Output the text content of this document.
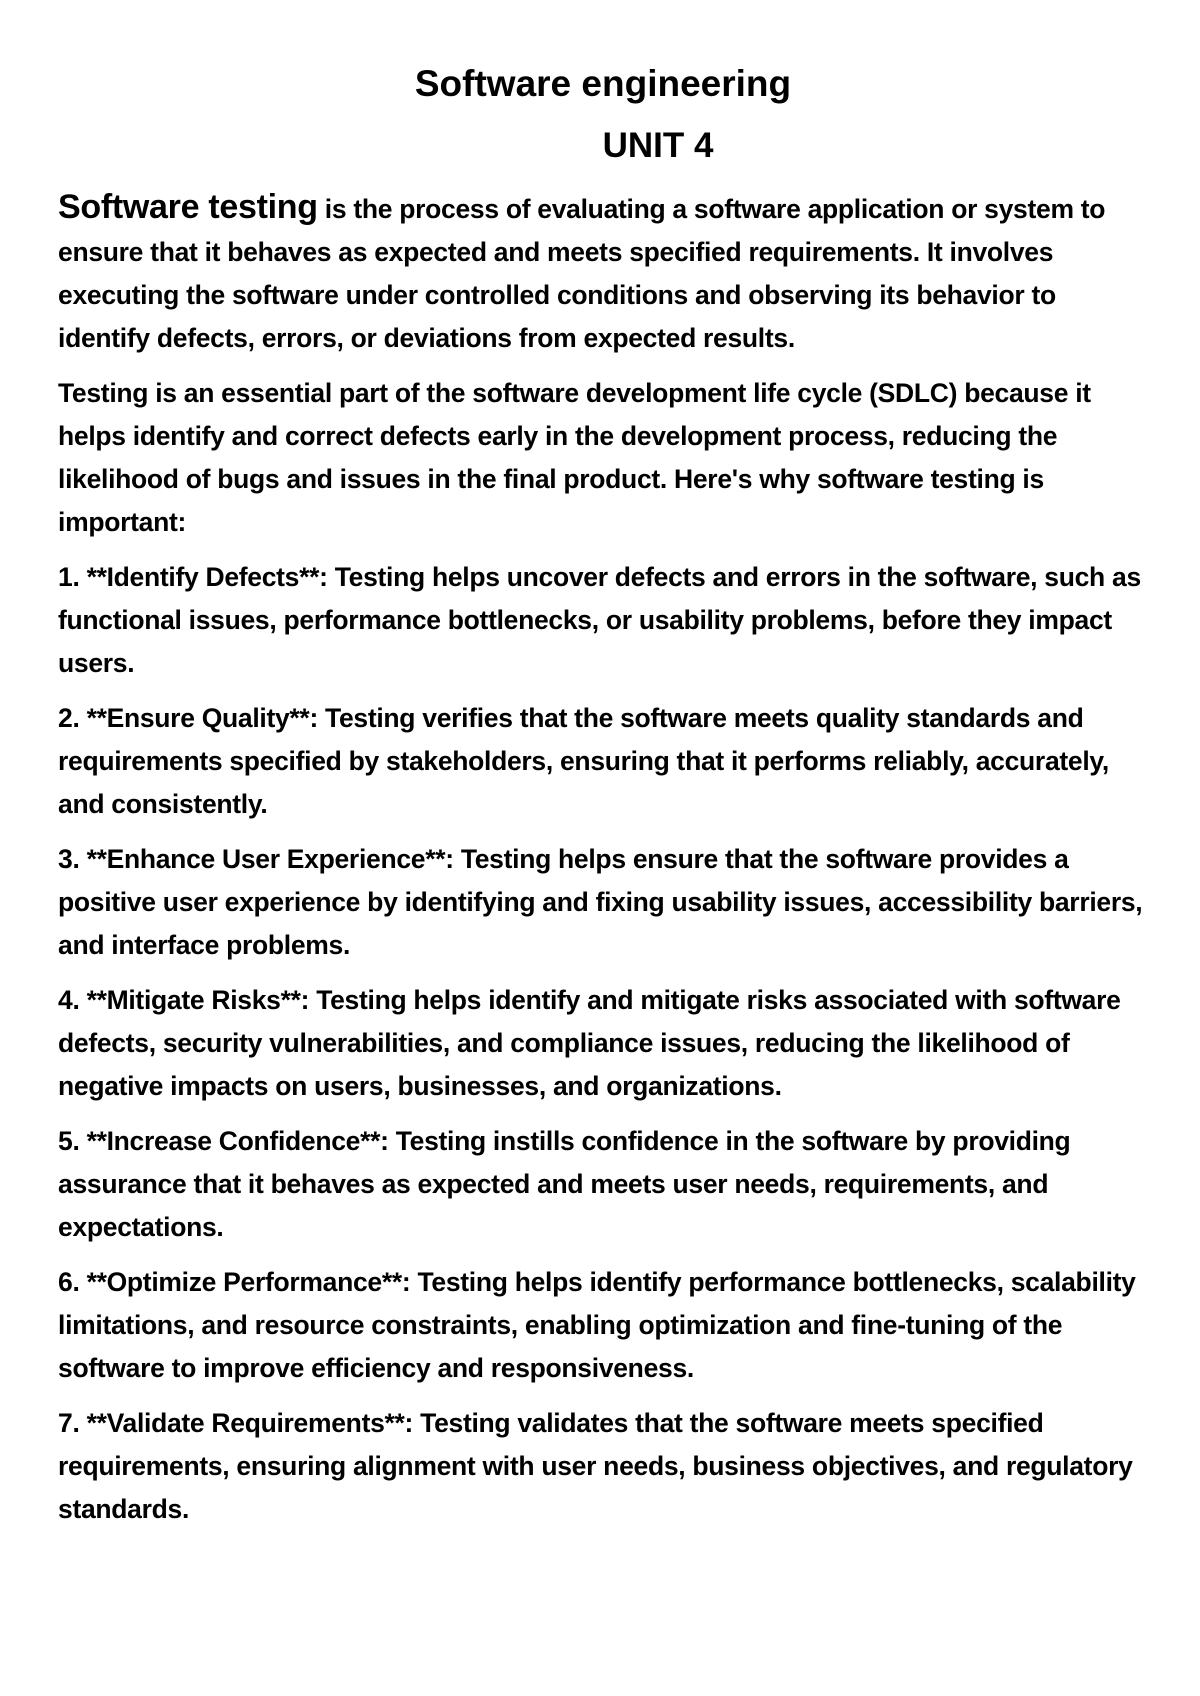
Software engineering
UNIT 4

Software testing is the process of evaluating a software application or system to ensure that it behaves as expected and meets specified requirements. It involves executing the software under controlled conditions and observing its behavior to identify defects, errors, or deviations from expected results.

Testing is an essential part of the software development life cycle (SDLC) because it helps identify and correct defects early in the development process, reducing the likelihood of bugs and issues in the final product. Here's why software testing is important:

1. **Identify Defects**: Testing helps uncover defects and errors in the software, such as functional issues, performance bottlenecks, or usability problems, before they impact users.

2. **Ensure Quality**: Testing verifies that the software meets quality standards and requirements specified by stakeholders, ensuring that it performs reliably, accurately, and consistently.

3. **Enhance User Experience**: Testing helps ensure that the software provides a positive user experience by identifying and fixing usability issues, accessibility barriers, and interface problems.

4. **Mitigate Risks**: Testing helps identify and mitigate risks associated with software defects, security vulnerabilities, and compliance issues, reducing the likelihood of negative impacts on users, businesses, and organizations.

5. **Increase Confidence**: Testing instills confidence in the software by providing assurance that it behaves as expected and meets user needs, requirements, and expectations.

6. **Optimize Performance**: Testing helps identify performance bottlenecks, scalability limitations, and resource constraints, enabling optimization and fine-tuning of the software to improve efficiency and responsiveness.

7. **Validate Requirements**: Testing validates that the software meets specified requirements, ensuring alignment with user needs, business objectives, and regulatory standards.
